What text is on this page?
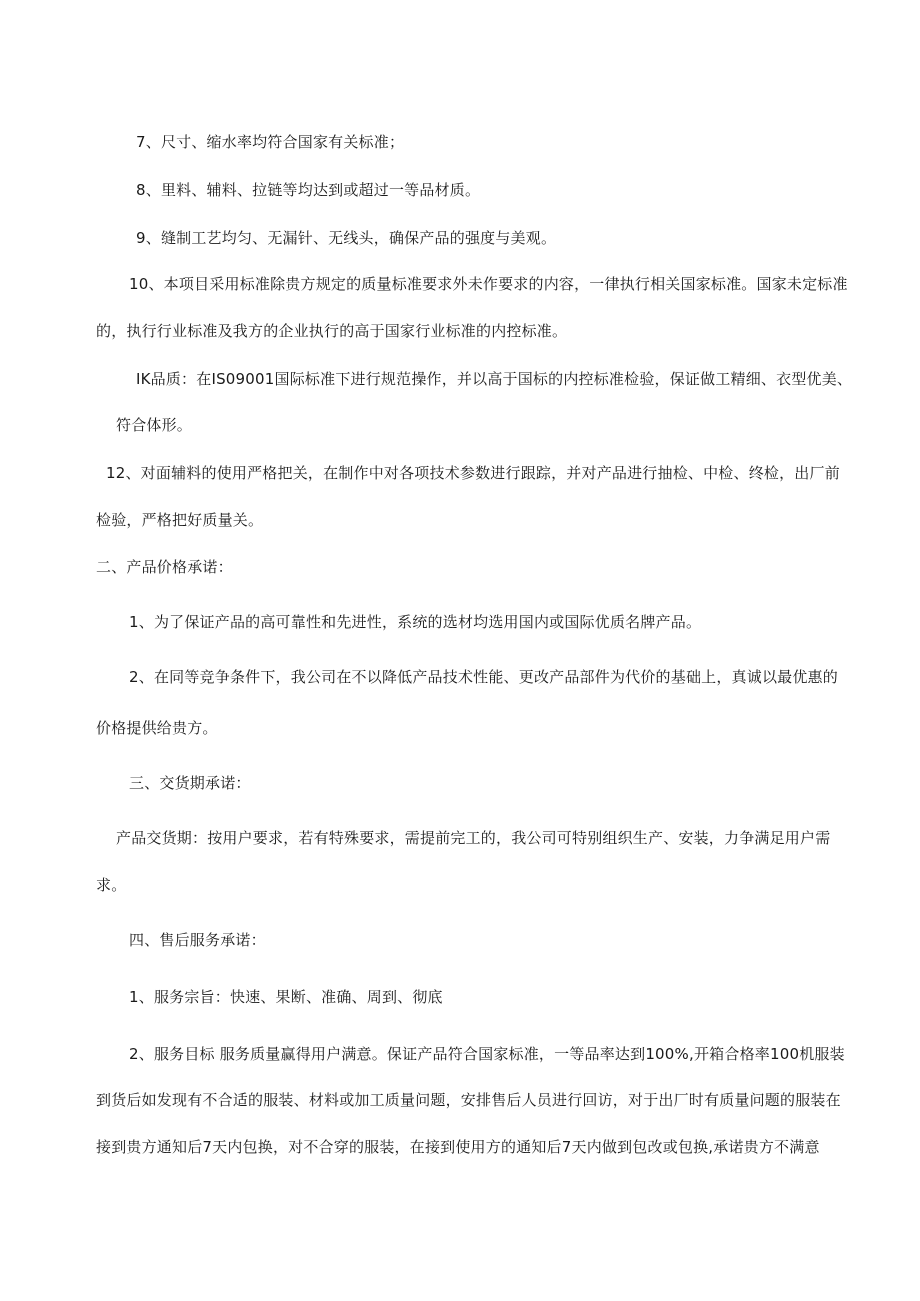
7、尺寸、缩水率均符合国家有关标准；
8、里料、辅料、拉链等均达到或超过一等品材质。
9、缝制工艺均匀、无漏针、无线头，确保产品的强度与美观。
10、本项目采用标准除贵方规定的质量标准要求外未作要求的内容，一律执行相关国家标准。国家未定标准
的，执行行业标准及我方的企业执行的高于国家行业标准的内控标准。
IK品质：在IS09001国际标准下进行规范操作，并以高于国标的内控标准检验，保证做工精细、衣型优美、
符合体形。
12、对面辅料的使用严格把关，在制作中对各项技术参数进行跟踪，并对产品进行抽检、中检、终检，出厂前
检验，严格把好质量关。
二、产品价格承诺：
1、为了保证产品的高可靠性和先进性，系统的选材均选用国内或国际优质名牌产品。
2、在同等竞争条件下，我公司在不以降低产品技术性能、更改产品部件为代价的基础上，真诚以最优惠的
价格提供给贵方。
三、交货期承诺：
产品交货期：按用户要求，若有特殊要求，需提前完工的，我公司可特别组织生产、安装，力争满足用户需
求。
四、售后服务承诺：
1、服务宗旨：快速、果断、准确、周到、彻底
2、服务目标 服务质量赢得用户满意。保证产品符合国家标准，一等品率达到100%,开箱合格率100机服装
到货后如发现有不合适的服装、材料或加工质量问题，安排售后人员进行回访，对于出厂时有质量问题的服装在
接到贵方通知后7天内包换，对不合穿的服装，在接到使用方的通知后7天内做到包改或包换,承诺贵方不满意
